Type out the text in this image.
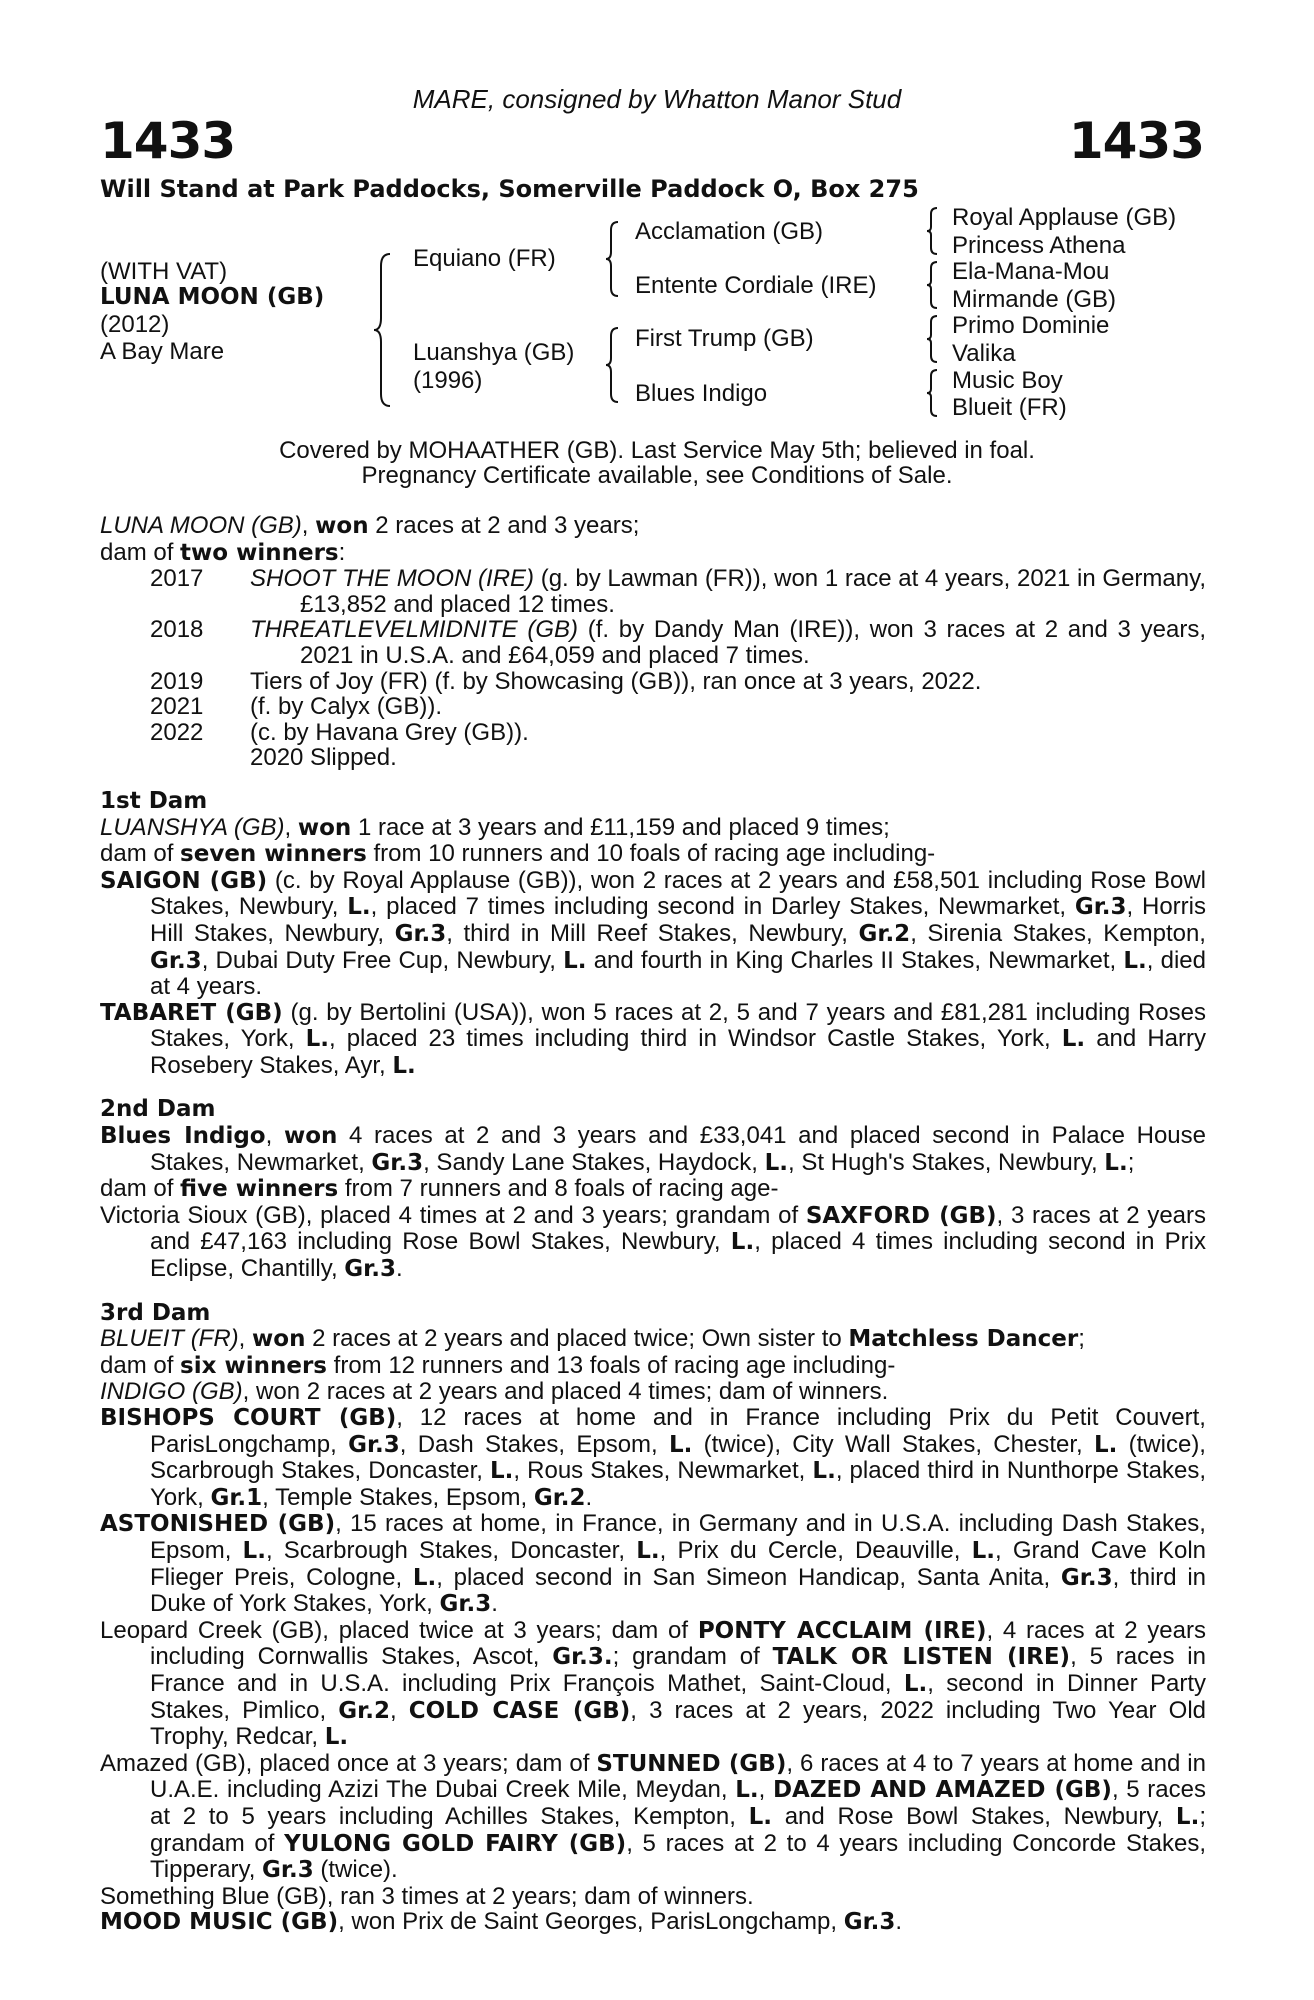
MARE, consigned by Whatton Manor Stud
1433	1433
Will Stand at Park Paddocks, Somerville Paddock O, Box 275
(WITH VAT)
LUNA MOON (GB)
(2012)
A Bay Mare
Equiano (FR)
Luanshya (GB)
(1996)
Acclamation (GB)
Entente Cordiale (IRE)
First Trump (GB)
Blues Indigo
Royal Applause (GB)
Princess Athena
Ela-Mana-Mou
Mirmande (GB)
Primo Dominie
Valika
Music Boy
Blueit (FR)
Covered by MOHAATHER (GB). Last Service May 5th; believed in foal.
Pregnancy Certificate available, see Conditions of Sale.

LUNA MOON (GB), won 2 races at 2 and 3 years;

dam of two winners:

2017	SHOOT THE MOON (IRE) (g. by Lawman (FR)), won 1 race at 4 years, 2021 in Germany, £13,852 and placed 12 times.
2018	THREATLEVELMIDNITE (GB) (f. by Dandy Man (IRE)), won 3 races at 2 and 3 years, 2021 in U.S.A. and £64,059 and placed 7 times.
2019	Tiers of Joy (FR) (f. by Showcasing (GB)), ran once at 3 years, 2022.
2021	(f. by Calyx (GB)).
2022	(c. by Havana Grey (GB)).
2020 Slipped.
1st Dam

LUANSHYA (GB), won 1 race at 3 years and £11,159 and placed 9 times;

dam of seven winners from 10 runners and 10 foals of racing age including-

SAIGON (GB) (c. by Royal Applause (GB)), won 2 races at 2 years and £58,501 including Rose Bowl Stakes, Newbury, L., placed 7 times including second in Darley Stakes, Newmarket, Gr.3, Horris Hill Stakes, Newbury, Gr.3, third in Mill Reef Stakes, Newbury, Gr.2, Sirenia Stakes, Kempton, Gr.3, Dubai Duty Free Cup, Newbury, L. and fourth in King Charles II Stakes, Newmarket, L., died at 4 years.

TABARET (GB) (g. by Bertolini (USA)), won 5 races at 2, 5 and 7 years and £81,281 including Roses Stakes, York, L., placed 23 times including third in Windsor Castle Stakes, York, L. and Harry Rosebery Stakes, Ayr, L.

2nd Dam

Blues Indigo, won 4 races at 2 and 3 years and £33,041 and placed second in Palace House Stakes, Newmarket, Gr.3, Sandy Lane Stakes, Haydock, L., St Hugh's Stakes, Newbury, L.;

dam of five winners from 7 runners and 8 foals of racing age-

Victoria Sioux (GB), placed 4 times at 2 and 3 years; grandam of SAXFORD (GB), 3 races at 2 years and £47,163 including Rose Bowl Stakes, Newbury, L., placed 4 times including second in Prix Eclipse, Chantilly, Gr.3.

3rd Dam

BLUEIT (FR), won 2 races at 2 years and placed twice; Own sister to Matchless Dancer;

dam of six winners from 12 runners and 13 foals of racing age including-

INDIGO (GB), won 2 races at 2 years and placed 4 times; dam of winners.

BISHOPS COURT (GB), 12 races at home and in France including Prix du Petit Couvert, ParisLongchamp, Gr.3, Dash Stakes, Epsom, L. (twice), City Wall Stakes, Chester, L. (twice), Scarbrough Stakes, Doncaster, L., Rous Stakes, Newmarket, L., placed third in Nunthorpe Stakes, York, Gr.1, Temple Stakes, Epsom, Gr.2.

ASTONISHED (GB), 15 races at home, in France, in Germany and in U.S.A. including Dash Stakes, Epsom, L., Scarbrough Stakes, Doncaster, L., Prix du Cercle, Deauville, L., Grand Cave Koln Flieger Preis, Cologne, L., placed second in San Simeon Handicap, Santa Anita, Gr.3, third in Duke of York Stakes, York, Gr.3.

Leopard Creek (GB), placed twice at 3 years; dam of PONTY ACCLAIM (IRE), 4 races at 2 years including Cornwallis Stakes, Ascot, Gr.3.; grandam of TALK OR LISTEN (IRE), 5 races in France and in U.S.A. including Prix François Mathet, Saint-Cloud, L., second in Dinner Party Stakes, Pimlico, Gr.2, COLD CASE (GB), 3 races at 2 years, 2022 including Two Year Old Trophy, Redcar, L.

Amazed (GB), placed once at 3 years; dam of STUNNED (GB), 6 races at 4 to 7 years at home and in U.A.E. including Azizi The Dubai Creek Mile, Meydan, L., DAZED AND AMAZED (GB), 5 races at 2 to 5 years including Achilles Stakes, Kempton, L. and Rose Bowl Stakes, Newbury, L.; grandam of YULONG GOLD FAIRY (GB), 5 races at 2 to 4 years including Concorde Stakes, Tipperary, Gr.3 (twice).

Something Blue (GB), ran 3 times at 2 years; dam of winners.

MOOD MUSIC (GB), won Prix de Saint Georges, ParisLongchamp, Gr.3.
